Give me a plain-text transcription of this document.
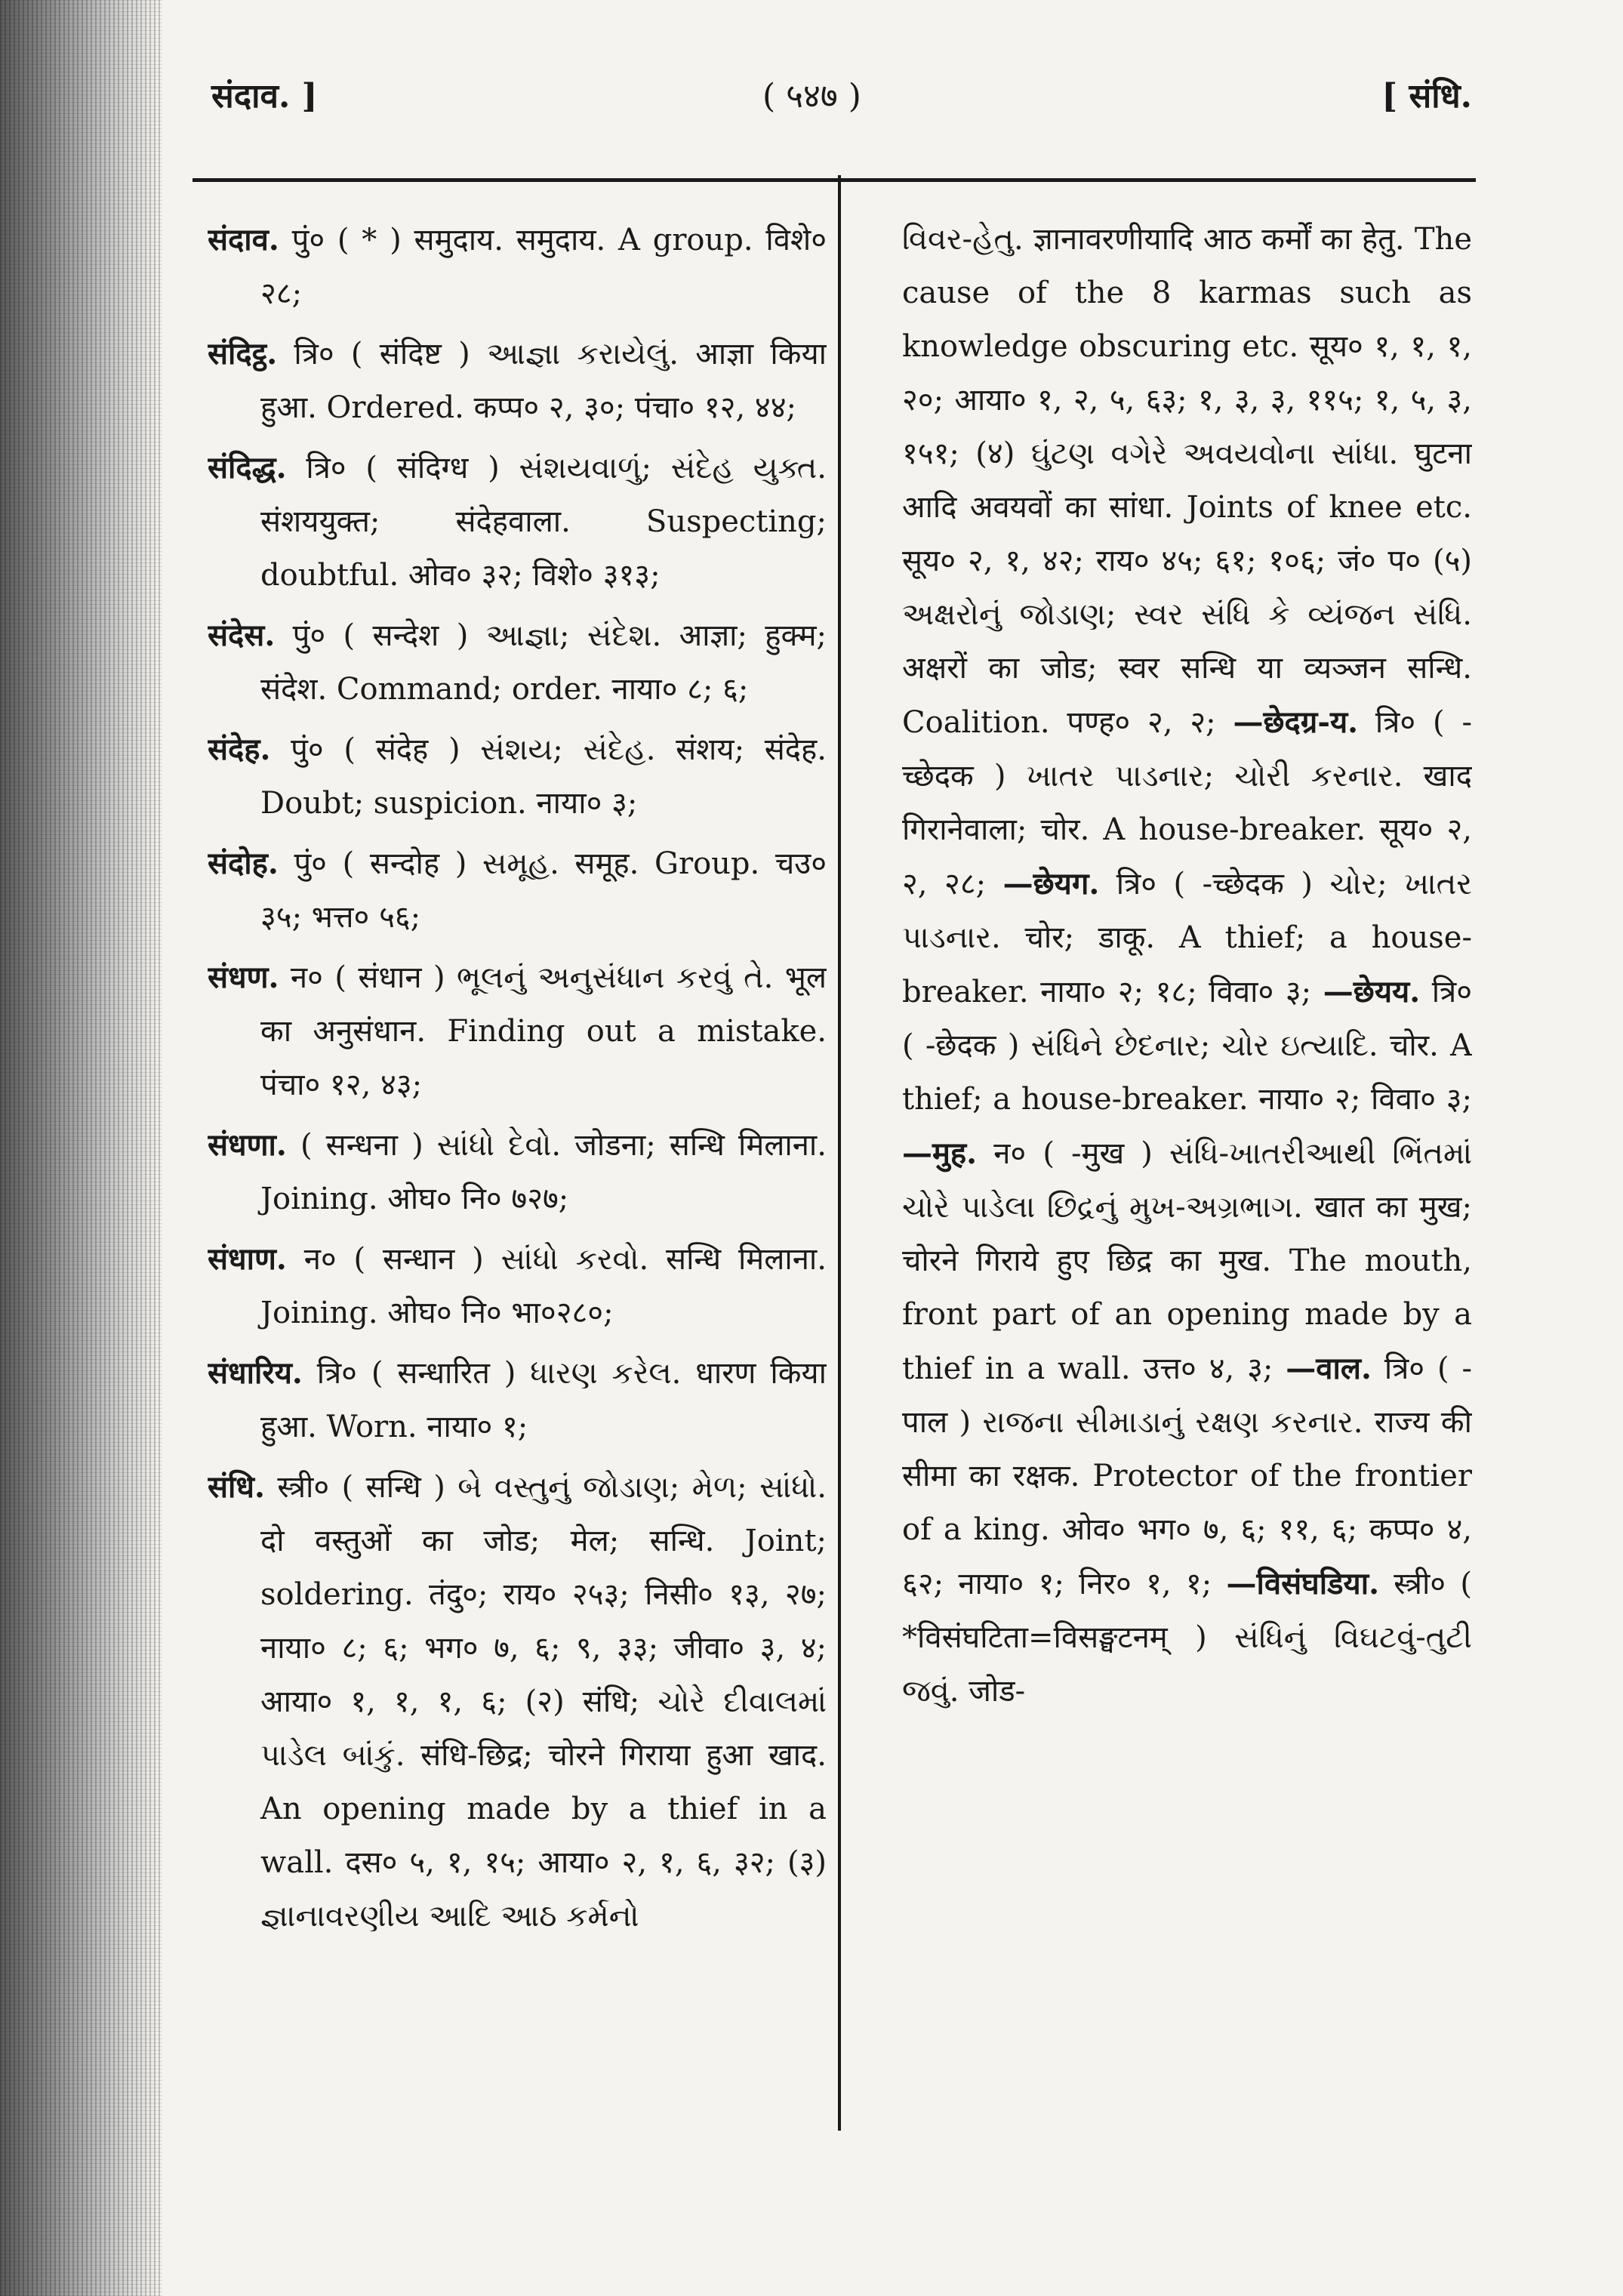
संदाव. ]	( ५४७ )	[ संधि.
संदाव. पुं० ( * ) समुदाय. समुदाय. A group. विशे० २८;
संदिट्ठ. त्रि० ( संदिष्ट ) આજ્ઞા કરાયેલું. आज्ञा किया हुआ. Ordered. कप्प० २, ३०; पंचा० १२, ४४;
संदिद्ध. त्रि० ( संदिग्ध ) સંશયવાળું; સંદેહ યુક્ત. संशययुक्त; संदेहवाला. Suspecting; doubtful. ओव० ३२; विशे० ३१३;
संदेस. पुं० ( सन्देश ) આજ્ઞા; સંદેશ. आज्ञा; हुक्म; संदेश. Command; order. नाया० ८; ६;
संदेह. पुं० ( संदेह ) સંશય; સંદેહ. संशय; संदेह. Doubt; suspicion. नाया० ३;
संदोह. पुं० ( सन्दोह ) સમૂહ. समूह. Group. चउ० ३५; भत्त० ५६;
संधण. न० ( संधान ) ભૂલનું અનુસંધાન કરવું તે. भूल का अनुसंधान. Finding out a mistake. पंचा० १२, ४३;
संधणा. ( सन्धना ) સાંધો દેવો. जोडना; सन्धि मिलाना. Joining. ओघ० नि० ७२७;
संधाण. न० ( सन्धान ) સાંધો કરવો. सन्धि मिलाना. Joining. ओघ० नि० भा०२८०;
संधारिय. त्रि० ( सन्धारित ) ધારણ કરેલ. धारण किया हुआ. Worn. नाया० १;
संधि. स्त्री० ( सन्धि ) બે વસ્તુનું જોડાણ; મેળ; સાંધો. दो वस्तुओं का जोड; मेल; सन्धि. Joint; soldering. तंदु०; राय० २५३; निसी० १३, २७; नाया० ८; ६; भग० ७, ६; ९, ३३; जीवा० ३, ४; आया० १, १, १, ६; (२) संधि; ચોરે દીવાલમાં પાડેલ બાંકું. संधि-छिद्र; चोरने गिराया हुआ खाद. An opening made by a thief in a wall. दस० ५, १, १५; आया० २, १, ६, ३२; (३) જ્ઞાનાવરણીય આદિ આઠ કર્મનો
વિવર-હેતુ. ज्ञानावरणीयादि आठ कर्मों का हेतु. The cause of the 8 karmas such as knowledge obscuring etc. सूय० १, १, १, २०; आया० १, २, ५, ६३; १, ३, ३, ११५; १, ५, ३, १५१; (४) ઘુંટણ વગેરે અવયવોના સાંધા. घुटना आदि अवयवों का सांधा. Joints of knee etc. सूय० २, १, ४२; राय० ४५; ६१; १०६; जं० प० (५) અક્ષરોનું જોડાણ; સ્વર સંધિ કે વ્યંજન સંધિ. अक्षरों का जोड; स्वर सन्धि या व्यञ्जन सन्धि. Coalition. पण्ह० २, २; —छेदग्र-य. त्रि० ( -च्छेदक ) ખાતર પાડનાર; ચોરી કરનાર. खाद गिरानेवाला; चोर. A house-breaker. सूय० २, २, २८; —छेयग. त्रि० ( -च्छेदक ) ચોર; ખાતર પાડનાર. चोर; डाकू. A thief; a house-breaker. नाया० २; १८; विवा० ३; —छेयय. त्रि० ( -छेदक ) સંધિને છેદનાર; ચોર ઇત્યાદિ. चोर. A thief; a house-breaker. नाया० २; विवा० ३; —मुह. न० ( -मुख ) સંધિ-ખાતરીઆથી ભિંતમાં ચોરે પાડેલા છિદ્રનું મુખ-અગ્રભાગ. खात का मुख; चोरने गिराये हुए छिद्र का मुख. The mouth, front part of an opening made by a thief in a wall. उत्त० ४, ३; —वाल. त्रि० ( -पाल ) રાજના સીમાડાનું રક્ષણ કરનાર. राज्य की सीमा का रक्षक. Protector of the frontier of a king. ओव० भग० ७, ६; ११, ६; कप्प० ४, ६२; नाया० १; निर० १, १; —विसंघडिया. स्त्री० ( *विसंघटिता=विसङ्घटनम् ) સંધિનું વિઘટવું-તુટી જવું. जोड-
